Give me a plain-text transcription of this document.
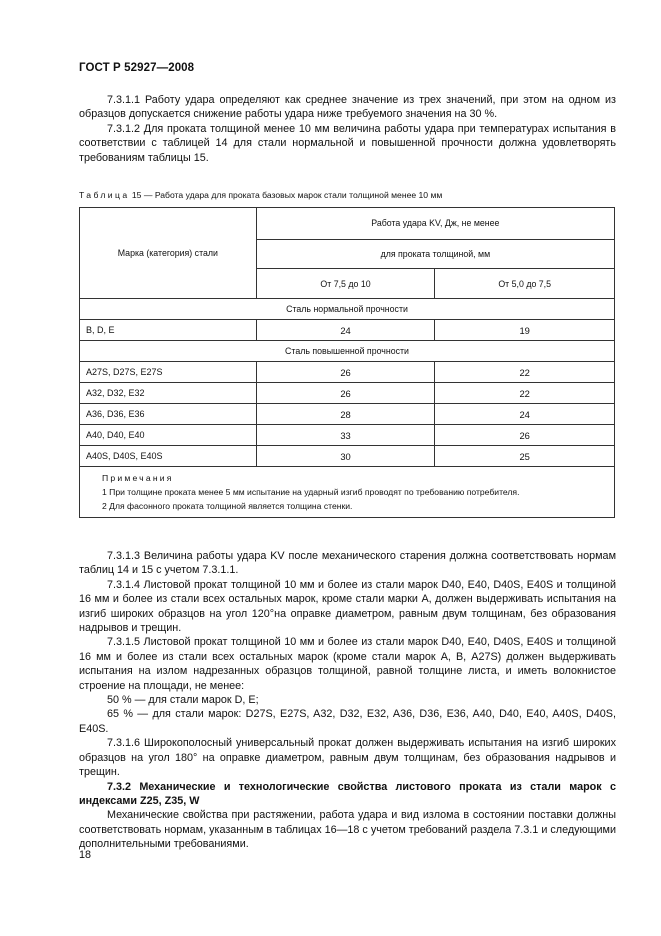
ГОСТ Р 52927—2008

7.3.1.1 Работу удара определяют как среднее значение из трех значений, при этом на одном из образцов допускается снижение работы удара ниже требуемого значения на 30 %.

7.3.1.2 Для проката толщиной менее 10 мм величина работы удара при температурах испытания в соответствии с таблицей 14 для стали нормальной и повышенной прочности должна удовлетворять требованиям таблицы 15.

Таблица 15 — Работа удара для проката базовых марок стали толщиной менее 10 мм
Марка (категория) стали	Работа удара KV, Дж, не менее	
	для проката толщиной, мм	
	От 7,5 до 10	От 5,0 до 7,5
Сталь нормальной прочности		
B, D, E	24	19
Сталь повышенной прочности		
A27S, D27S, E27S	26	22
A32, D32, E32	26	22
A36, D36, E36	28	24
A40, D40, E40	33	26
A40S, D40S, E40S	30	25

Примечания
1 При толщине проката менее 5 мм испытание на ударный изгиб проводят по требованию потребителя.
2 Для фасонного проката толщиной является толщина стенки.		

7.3.1.3 Величина работы удара KV после механического старения должна соответствовать нормам таблиц 14 и 15 с учетом 7.3.1.1.

7.3.1.4 Листовой прокат толщиной 10 мм и более из стали марок D40, E40, D40S, E40S и толщиной 16 мм и более из стали всех остальных марок, кроме стали марки А, должен выдерживать испытания на изгиб широких образцов на угол 120°на оправке диаметром, равным двум толщинам, без образования надрывов и трещин.

7.3.1.5 Листовой прокат толщиной 10 мм и более из стали марок D40, E40, D40S, E40S и толщиной 16 мм и более из стали всех остальных марок (кроме стали марок А, В, A27S) должен выдерживать испытания на излом надрезанных образцов толщиной, равной толщине листа, и иметь волокнистое строение на площади, не менее:

50 % — для стали марок D, E;

65 % — для стали марок: D27S, E27S, A32, D32, E32, A36, D36, E36, A40, D40, E40, A40S, D40S, E40S.

7.3.1.6 Широкополосный универсальный прокат должен выдерживать испытания на изгиб широких образцов на угол 180° на оправке диаметром, равным двум толщинам, без образования надрывов и трещин.

7.3.2 Механические и технологические свойства листового проката из стали марок с индексами Z25, Z35, W

Механические свойства при растяжении, работа удара и вид излома в состоянии поставки должны соответствовать нормам, указанным в таблицах 16—18 с учетом требований раздела 7.3.1 и следующими дополнительными требованиями.

18
